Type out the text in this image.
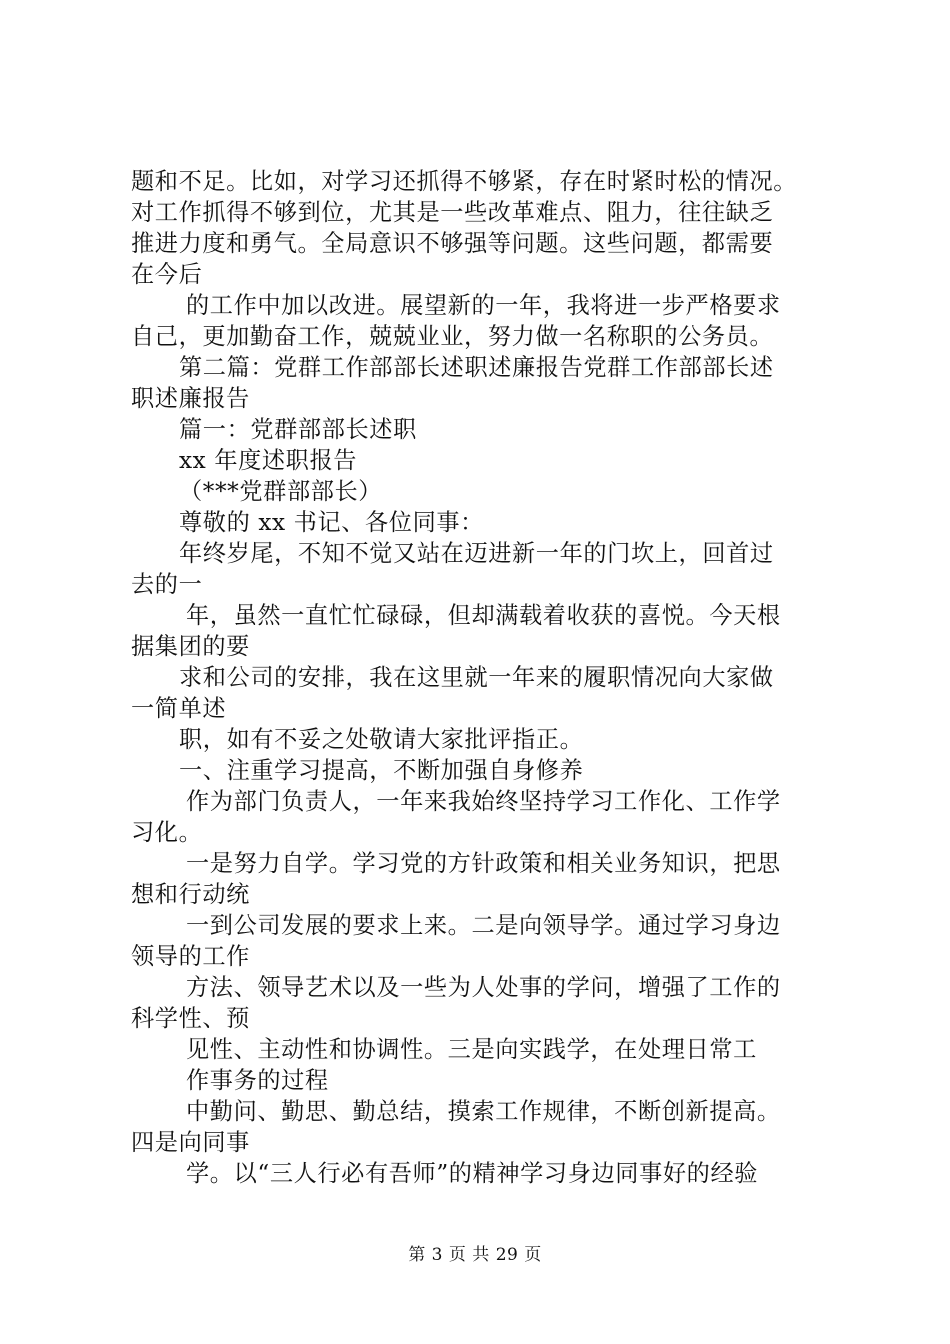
题和不足。比如，对学习还抓得不够紧，存在时紧时松的情况。
对工作抓得不够到位，尤其是一些改革难点、阻力，往往缺乏
推进力度和勇气。全局意识不够强等问题。这些问题，都需要
在今后
的工作中加以改进。展望新的一年，我将进一步严格要求
自己，更加勤奋工作，兢兢业业，努力做一名称职的公务员。
第二篇：党群工作部部长述职述廉报告党群工作部部长述
职述廉报告
篇一：党群部部长述职
xx 年度述职报告
（***党群部部长）
尊敬的 xx 书记、各位同事：
年终岁尾，不知不觉又站在迈进新一年的门坎上，回首过
去的一
年，虽然一直忙忙碌碌，但却满载着收获的喜悦。今天根
据集团的要
求和公司的安排，我在这里就一年来的履职情况向大家做
一简单述
职，如有不妥之处敬请大家批评指正。
一、注重学习提高，不断加强自身修养
作为部门负责人，一年来我始终坚持学习工作化、工作学
习化。
一是努力自学。学习党的方针政策和相关业务知识，把思
想和行动统
一到公司发展的要求上来。二是向领导学。通过学习身边
领导的工作
方法、领导艺术以及一些为人处事的学问，增强了工作的
科学性、预
见性、主动性和协调性。三是向实践学，在处理日常工
作事务的过程
中勤问、勤思、勤总结，摸索工作规律，不断创新提高。
四是向同事
学。以“三人行必有吾师”的精神学习身边同事好的经验
第 3 页 共 29 页
